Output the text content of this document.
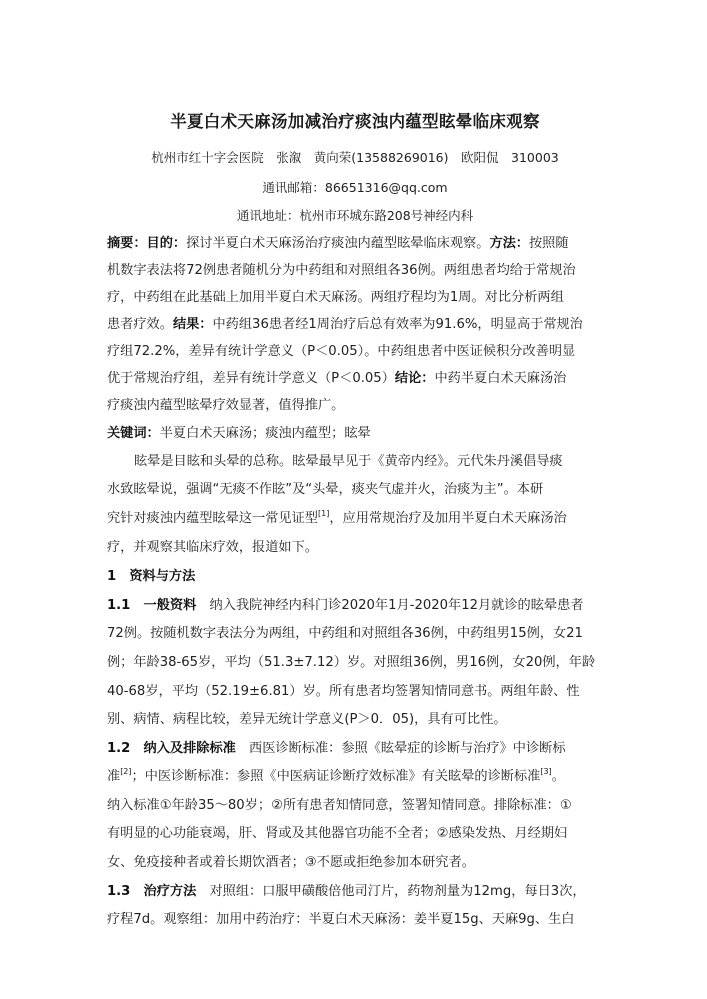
半夏白术天麻汤加减治疗痰浊内蕴型眩晕临床观察
杭州市红十字会医院　张溆　黄向荣(13588269016)　欧阳侃　310003
通讯邮箱：86651316@qq.com
通讯地址：杭州市环城东路208号神经内科
摘要：目的：探讨半夏白术天麻汤治疗痰浊内蕴型眩晕临床观察。方法：按照随
机数字表法将72例患者随机分为中药组和对照组各36例。两组患者均给于常规治
疗，中药组在此基础上加用半夏白术天麻汤。两组疗程均为1周。对比分析两组
患者疗效。结果：中药组36患者经1周治疗后总有效率为91.6%，明显高于常规治
疗组72.2%，差异有统计学意义（P＜0.05）。中药组患者中医证候积分改善明显
优于常规治疗组，差异有统计学意义（P＜0.05）结论：中药半夏白术天麻汤治
疗痰浊内蕴型眩晕疗效显著，值得推广。
关键词：半夏白术天麻汤；痰浊内蕴型；眩晕
眩晕是目眩和头晕的总称。眩晕最早见于《黄帝内经》。元代朱丹溪倡导痰
水致眩晕说，强调“无痰不作眩”及“头晕，痰夹气虚并火，治痰为主”。本研
究针对痰浊内蕴型眩晕这一常见证型[1]，应用常规治疗及加用半夏白术天麻汤治
疗，并观察其临床疗效，报道如下。
1　资料与方法
1.1　一般资料　纳入我院神经内科门诊2020年1月-2020年12月就诊的眩晕患者
72例。按随机数字表法分为两组，中药组和对照组各36例，中药组男15例，女21
例；年龄38-65岁，平均（51.3±7.12）岁。对照组36例，男16例，女20例，年龄
40-68岁，平均（52.19±6.81）岁。所有患者均签署知情同意书。两组年龄、性
别、病情、病程比较，差异无统计学意义(P＞0．05)，具有可比性。
1.2　纳入及排除标准　西医诊断标准：参照《眩晕症的诊断与治疗》中诊断标
准[2]；中医诊断标准：参照《中医病证诊断疗效标准》有关眩晕的诊断标准[3]。
纳入标准①年龄35～80岁；②所有患者知情同意，签署知情同意。排除标准：①
有明显的心功能衰竭，肝、肾或及其他器官功能不全者；②感染发热、月经期妇
女、免疫接种者或着长期饮酒者；③不愿或拒绝参加本研究者。
1.3　治疗方法　对照组：口服甲磺酸倍他司汀片，药物剂量为12mg，每日3次，
疗程7d。观察组：加用中药治疗：半夏白术天麻汤：姜半夏15g、天麻9g、生白
